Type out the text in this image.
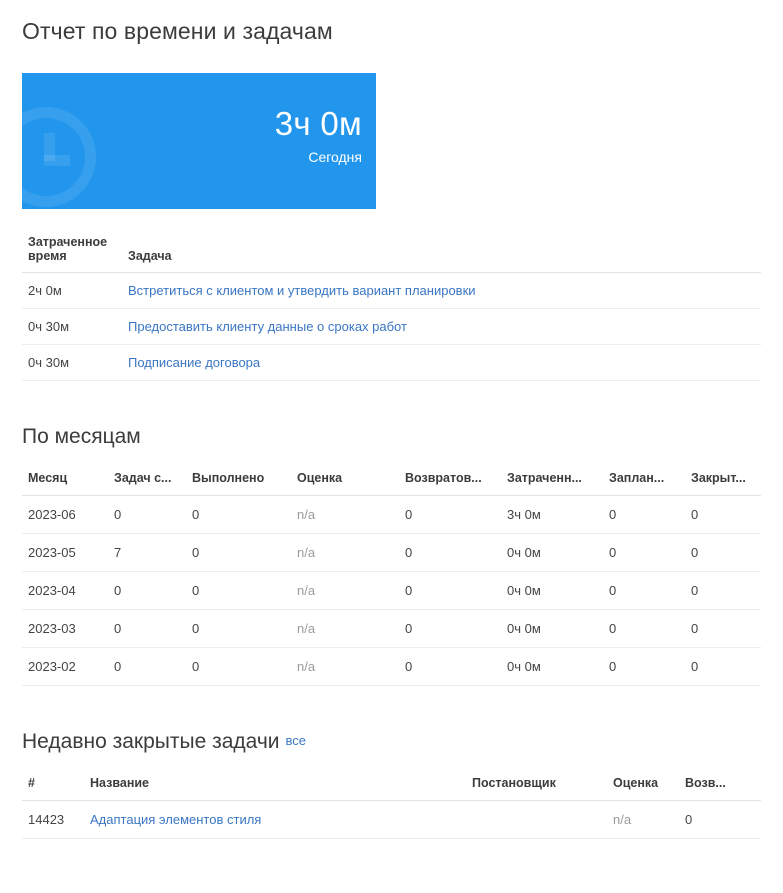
Отчет по времени и задачам
3ч 0м
Сегодня
Затраченное время	Задача
2ч 0м	Встретиться с клиентом и утвердить вариант планировки
0ч 30м	Предоставить клиенту данные о сроках работ
0ч 30м	Подписание договора
По месяцам
Месяц	Задач с...	Выполнено	Оценка	Возвратов...	Затраченн...	Заплан...	Закрыт...
2023-06	0	0	n/a	0	3ч 0м	0	0
2023-05	7	0	n/a	0	0ч 0м	0	0
2023-04	0	0	n/a	0	0ч 0м	0	0
2023-03	0	0	n/a	0	0ч 0м	0	0
2023-02	0	0	n/a	0	0ч 0м	0	0
Недавно закрытые задачи все
#	Название	Постановщик	Оценка	Возв...
14423	Адаптация элементов стиля		n/a	0
